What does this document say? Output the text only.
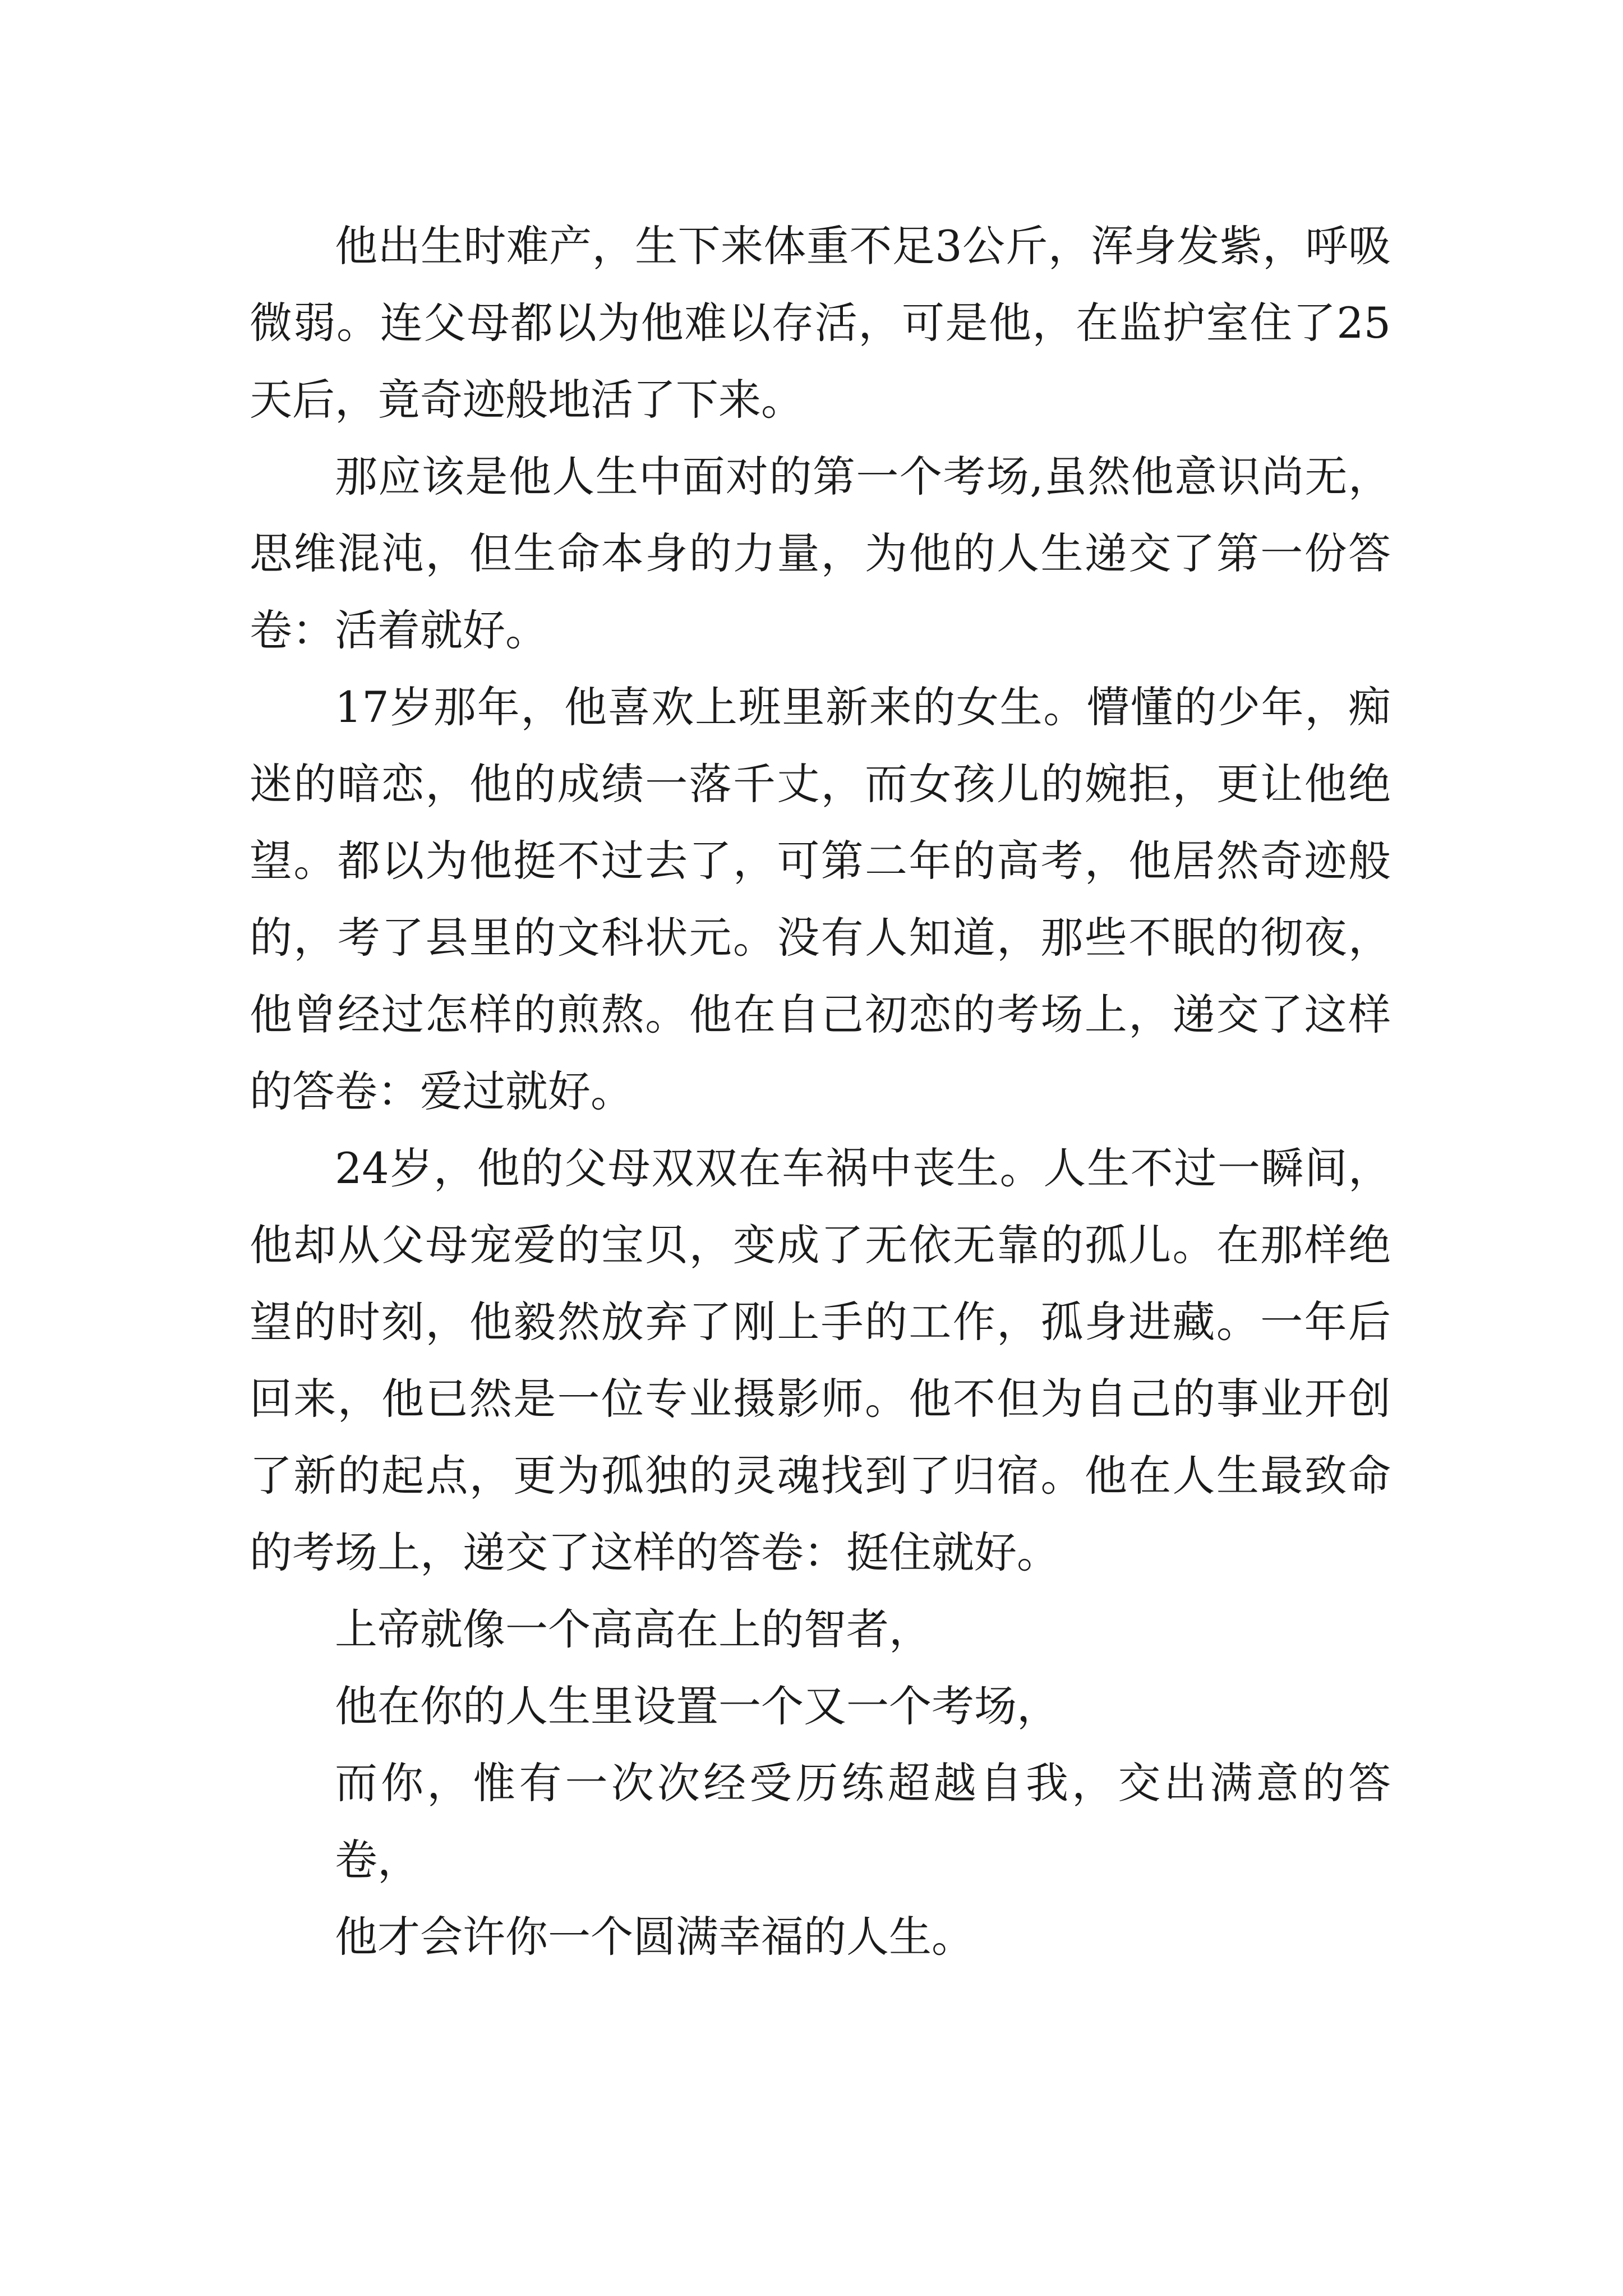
他出生时难产，生下来体重不足3公斤，浑身发紫，呼吸微弱。连父母都以为他难以存活，可是他，在监护室住了25天后，竟奇迹般地活了下来。

那应该是他人生中面对的第一个考场,虽然他意识尚无，思维混沌，但生命本身的力量，为他的人生递交了第一份答卷：活着就好。

17岁那年，他喜欢上班里新来的女生。懵懂的少年，痴迷的暗恋，他的成绩一落千丈，而女孩儿的婉拒，更让他绝望。都以为他挺不过去了，可第二年的高考，他居然奇迹般的，考了县里的文科状元。没有人知道，那些不眠的彻夜，他曾经过怎样的煎熬。他在自己初恋的考场上，递交了这样的答卷：爱过就好。

24岁，他的父母双双在车祸中丧生。人生不过一瞬间，他却从父母宠爱的宝贝，变成了无依无靠的孤儿。在那样绝望的时刻，他毅然放弃了刚上手的工作，孤身进藏。一年后回来，他已然是一位专业摄影师。他不但为自己的事业开创了新的起点，更为孤独的灵魂找到了归宿。他在人生最致命的考场上，递交了这样的答卷：挺住就好。

上帝就像一个高高在上的智者，

他在你的人生里设置一个又一个考场，

而你，惟有一次次经受历练超越自我，交出满意的答卷，

他才会许你一个圆满幸福的人生。
